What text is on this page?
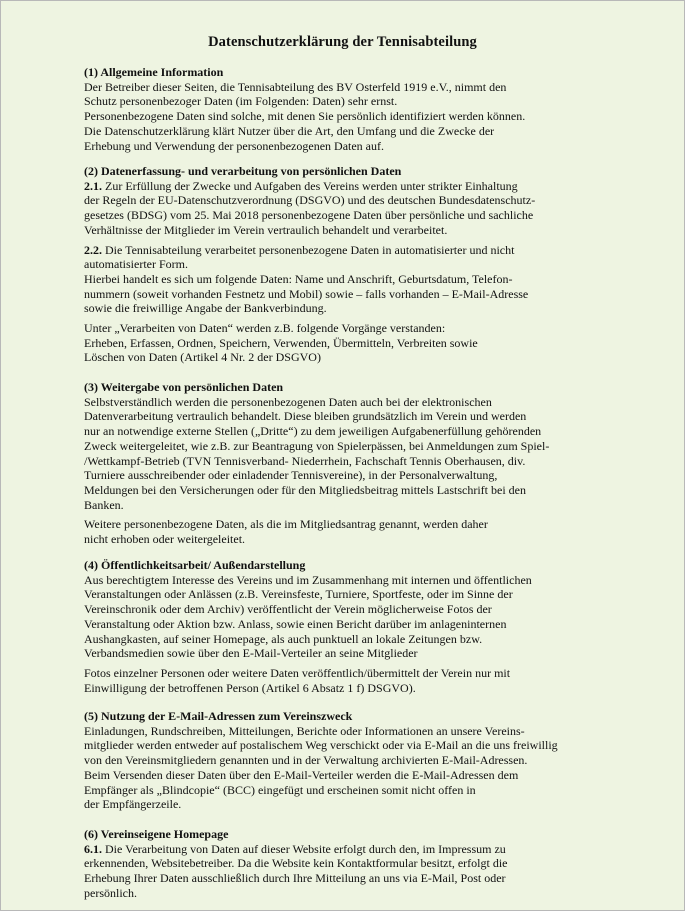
Datenschutzerklärung der Tennisabteilung

(1) Allgemeine Information

Der Betreiber dieser Seiten, die Tennisabteilung des BV Osterfeld 1919 e.V., nimmt den

Schutz personenbezoger Daten (im Folgenden: Daten) sehr ernst.

Personenbezogene Daten sind solche, mit denen Sie persönlich identifiziert werden können.

Die Datenschutzerklärung klärt Nutzer über die Art, den Umfang und die Zwecke der

Erhebung und Verwendung der personenbezogenen Daten auf.

(2) Datenerfassung- und verarbeitung von persönlichen Daten

2.1. Zur Erfüllung der Zwecke und Aufgaben des Vereins werden unter strikter Einhaltung

der Regeln der EU-Datenschutzverordnung (DSGVO) und des deutschen Bundesdatenschutz-

gesetzes (BDSG) vom 25. Mai 2018 personenbezogene Daten über persönliche und sachliche

Verhältnisse der Mitglieder im Verein vertraulich behandelt und verarbeitet.

2.2. Die Tennisabteilung verarbeitet personenbezogene Daten in automatisierter und nicht

automatisierter Form.

Hierbei handelt es sich um folgende Daten: Name und Anschrift, Geburtsdatum, Telefon-

nummern (soweit vorhanden Festnetz und Mobil) sowie – falls vorhanden – E-Mail-Adresse

sowie die freiwillige Angabe der Bankverbindung.

Unter „Verarbeiten von Daten“ werden z.B. folgende Vorgänge verstanden:

Erheben, Erfassen, Ordnen, Speichern, Verwenden, Übermitteln, Verbreiten sowie

Löschen von Daten (Artikel 4 Nr. 2 der DSGVO)

(3) Weitergabe von persönlichen Daten

Selbstverständlich werden die personenbezogenen Daten auch bei der elektronischen

Datenverarbeitung vertraulich behandelt. Diese bleiben grundsätzlich im Verein und werden

nur an notwendige externe Stellen („Dritte“) zu dem jeweiligen Aufgabenerfüllung gehörenden

Zweck weitergeleitet, wie z.B. zur Beantragung von Spielerpässen, bei Anmeldungen zum Spiel-

/Wettkampf-Betrieb (TVN Tennisverband- Niederrhein, Fachschaft Tennis Oberhausen, div.

Turniere ausschreibender oder einladender Tennisvereine), in der Personalverwaltung,

Meldungen bei den Versicherungen oder für den Mitgliedsbeitrag mittels Lastschrift bei den

Banken.

Weitere personenbezogene Daten, als die im Mitgliedsantrag genannt, werden daher

nicht erhoben oder weitergeleitet.

(4) Öffentlichkeitsarbeit/ Außendarstellung

Aus berechtigtem Interesse des Vereins und im Zusammenhang mit internen und öffentlichen

Veranstaltungen oder Anlässen (z.B. Vereinsfeste, Turniere, Sportfeste, oder im Sinne der

Vereinschronik oder dem Archiv) veröffentlicht der Verein möglicherweise Fotos der

Veranstaltung oder Aktion bzw. Anlass, sowie einen Bericht darüber im anlageninternen

Aushangkasten, auf seiner Homepage, als auch punktuell an lokale Zeitungen bzw.

Verbandsmedien sowie über den E-Mail-Verteiler an seine Mitglieder

Fotos einzelner Personen oder weitere Daten veröffentlich/übermittelt der Verein nur mit

Einwilligung der betroffenen Person (Artikel 6 Absatz 1 f) DSGVO).

(5) Nutzung der E-Mail-Adressen zum Vereinszweck

Einladungen, Rundschreiben, Mitteilungen, Berichte oder Informationen an unsere Vereins-

mitglieder werden entweder auf postalischem Weg verschickt oder via E-Mail an die uns freiwillig

von den Vereinsmitgliedern genannten und in der Verwaltung archivierten E-Mail-Adressen.

Beim Versenden dieser Daten über den E-Mail-Verteiler werden die E-Mail-Adressen dem

Empfänger als „Blindcopie“ (BCC) eingefügt und erscheinen somit nicht offen in

der Empfängerzeile.

(6) Vereinseigene Homepage

6.1. Die Verarbeitung von Daten auf dieser Website erfolgt durch den, im Impressum zu

erkennenden, Websitebetreiber. Da die Website kein Kontaktformular besitzt, erfolgt die

Erhebung Ihrer Daten ausschließlich durch Ihre Mitteilung an uns via E-Mail, Post oder

persönlich.
